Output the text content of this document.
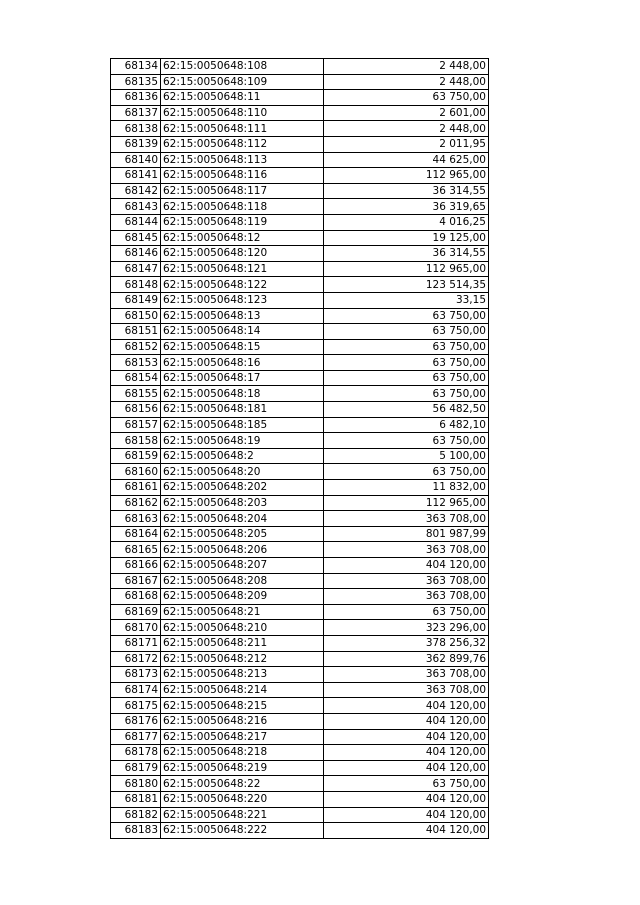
68134	62:15:0050648:108	2 448,00
68135	62:15:0050648:109	2 448,00
68136	62:15:0050648:11	63 750,00
68137	62:15:0050648:110	2 601,00
68138	62:15:0050648:111	2 448,00
68139	62:15:0050648:112	2 011,95
68140	62:15:0050648:113	44 625,00
68141	62:15:0050648:116	112 965,00
68142	62:15:0050648:117	36 314,55
68143	62:15:0050648:118	36 319,65
68144	62:15:0050648:119	4 016,25
68145	62:15:0050648:12	19 125,00
68146	62:15:0050648:120	36 314,55
68147	62:15:0050648:121	112 965,00
68148	62:15:0050648:122	123 514,35
68149	62:15:0050648:123	33,15
68150	62:15:0050648:13	63 750,00
68151	62:15:0050648:14	63 750,00
68152	62:15:0050648:15	63 750,00
68153	62:15:0050648:16	63 750,00
68154	62:15:0050648:17	63 750,00
68155	62:15:0050648:18	63 750,00
68156	62:15:0050648:181	56 482,50
68157	62:15:0050648:185	6 482,10
68158	62:15:0050648:19	63 750,00
68159	62:15:0050648:2	5 100,00
68160	62:15:0050648:20	63 750,00
68161	62:15:0050648:202	11 832,00
68162	62:15:0050648:203	112 965,00
68163	62:15:0050648:204	363 708,00
68164	62:15:0050648:205	801 987,99
68165	62:15:0050648:206	363 708,00
68166	62:15:0050648:207	404 120,00
68167	62:15:0050648:208	363 708,00
68168	62:15:0050648:209	363 708,00
68169	62:15:0050648:21	63 750,00
68170	62:15:0050648:210	323 296,00
68171	62:15:0050648:211	378 256,32
68172	62:15:0050648:212	362 899,76
68173	62:15:0050648:213	363 708,00
68174	62:15:0050648:214	363 708,00
68175	62:15:0050648:215	404 120,00
68176	62:15:0050648:216	404 120,00
68177	62:15:0050648:217	404 120,00
68178	62:15:0050648:218	404 120,00
68179	62:15:0050648:219	404 120,00
68180	62:15:0050648:22	63 750,00
68181	62:15:0050648:220	404 120,00
68182	62:15:0050648:221	404 120,00
68183	62:15:0050648:222	404 120,00
